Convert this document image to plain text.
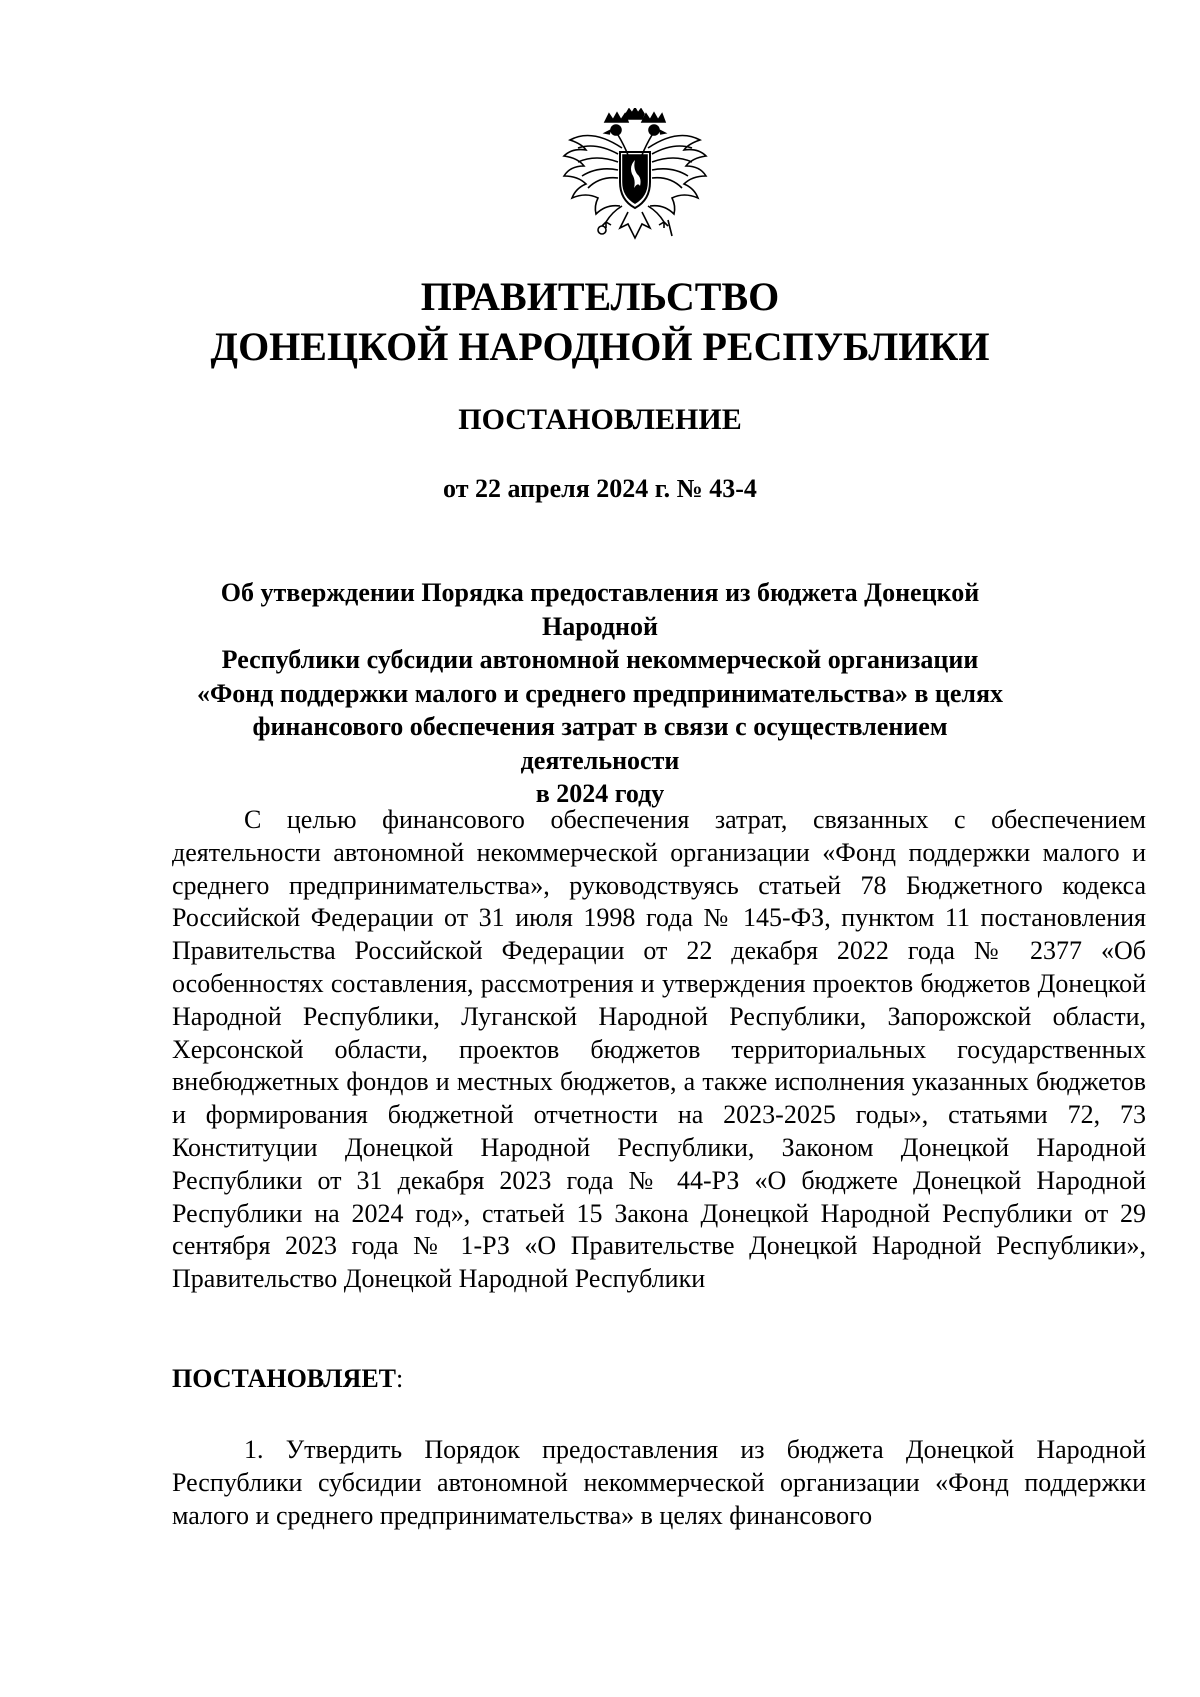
ПРАВИТЕЛЬСТВО
ДОНЕЦКОЙ НАРОДНОЙ РЕСПУБЛИКИ
ПОСТАНОВЛЕНИЕ

от 22 апреля 2024 г. № 43-4

Об утверждении Порядка предоставления из бюджета Донецкой Народной
Республики субсидии автономной некоммерческой организации
«Фонд поддержки малого и среднего предпринимательства» в целях
финансового обеспечения затрат в связи с осуществлением деятельности
в 2024 году

С целью финансового обеспечения затрат, связанных с обеспечением деятельности автономной некоммерческой организации «Фонд поддержки малого и среднего предпринимательства», руководствуясь статьей 78 Бюджетного кодекса Российской Федерации от 31 июля 1998 года № 145-ФЗ, пунктом 11 постановления Правительства Российской Федерации от 22 декабря 2022 года № 2377 «Об особенностях составления, рассмотрения и утверждения проектов бюджетов Донецкой Народной Республики, Луганской Народной Республики, Запорожской области, Херсонской области, проектов бюджетов территориальных государственных внебюджетных фондов и местных бюджетов, а также исполнения указанных бюджетов и формирования бюджетной отчетности на 2023-2025 годы», статьями 72, 73 Конституции Донецкой Народной Республики, Законом Донецкой Народной Республики от 31 декабря 2023 года № 44-РЗ «О бюджете Донецкой Народной Республики на 2024 год», статьей 15 Закона Донецкой Народной Республики от 29 сентября 2023 года № 1-РЗ «О Правительстве Донецкой Народной Республики», Правительство Донецкой Народной Республики

ПОСТАНОВЛЯЕТ:

1. Утвердить Порядок предоставления из бюджета Донецкой Народной Республики субсидии автономной некоммерческой организации «Фонд поддержки малого и среднего предпринимательства» в целях финансового
